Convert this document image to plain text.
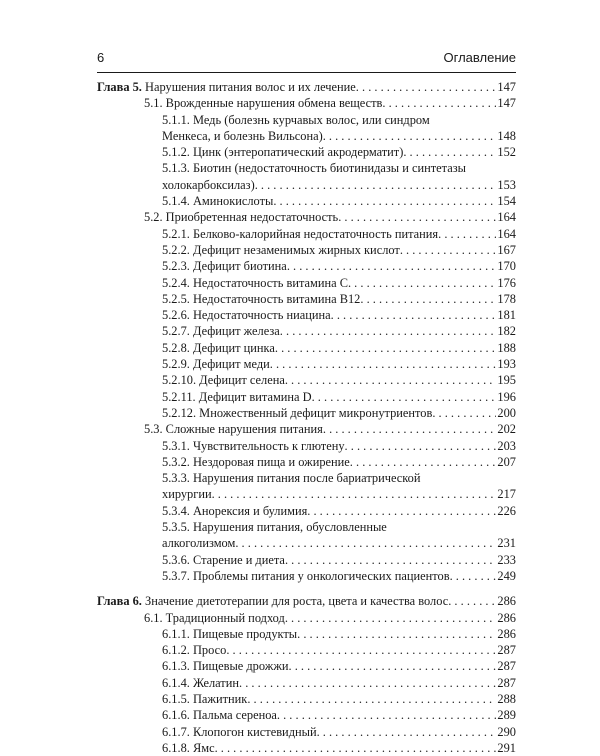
6	Оглавление
Глава 5. Нарушения питания волос и их лечение . . .	147
5.1. Врожденные нарушения обмена веществ . . .	147
5.1.1. Медь (болезнь курчавых волос, или синдром
Менкеса, и болезнь Вильсона) . . .	148
5.1.2. Цинк (энтеропатический акродерматит) . . .	152
5.1.3. Биотин (недостаточность биотинидазы и синтетазы
холокарбоксилаз) . . .	153
5.1.4. Аминокислоты . . .	154
5.2. Приобретенная недостаточность . . .	164
5.2.1. Белково-калорийная недостаточность питания . . .	164
5.2.2. Дефицит незаменимых жирных кислот . . .	167
5.2.3. Дефицит биотина . . .	170
5.2.4. Недостаточность витамина С . . .	176
5.2.5. Недостаточность витамина B12 . . .	178
5.2.6. Недостаточность ниацина . . .	181
5.2.7. Дефицит железа . . .	182
5.2.8. Дефицит цинка . . .	188
5.2.9. Дефицит меди . . .	193
5.2.10. Дефицит селена . . .	195
5.2.11. Дефицит витамина D . . .	196
5.2.12. Множественный дефицит микронутриентов . . .	200
5.3. Сложные нарушения питания . . .	202
5.3.1. Чувствительность к глютену . . .	203
5.3.2. Нездоровая пища и ожирение . . .	207
5.3.3. Нарушения питания после бариатрической
хирургии . . .	217
5.3.4. Анорексия и булимия . . .	226
5.3.5. Нарушения питания, обусловленные
алкоголизмом . . .	231
5.3.6. Старение и диета . . .	233
5.3.7. Проблемы питания у онкологических пациентов . . .	249
Глава 6. Значение диетотерапии для роста, цвета и качества волос . . .	286
6.1. Традиционный подход . . .	286
6.1.1. Пищевые продукты . . .	286
6.1.2. Просо . . .	287
6.1.3. Пищевые дрожжи . . .	287
6.1.4. Желатин . . .	287
6.1.5. Пажитник . . .	288
6.1.6. Пальма сереноа . . .	289
6.1.7. Клопогон кистевидный . . .	290
6.1.8. Ямс . . .	291
